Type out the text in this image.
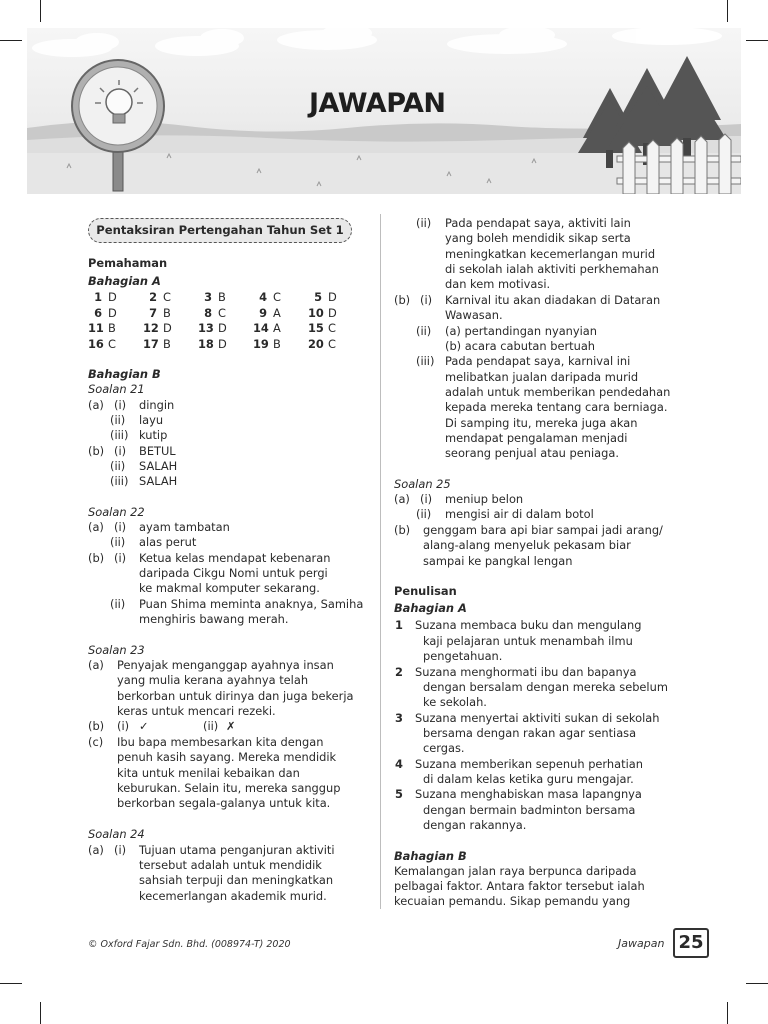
JAWAPAN
Pentaksiran Pertengahan Tahun Set 1
Pemahaman
Bahagian A
1 D	2 C	3 B	4 C	5 D
6 D	7 B	8 C	9 A 10 D
11 B 12 D 13 D 14 A 15 C
16 C 17 B 18 D 19 B 20 C
Bahagian B
Soalan 21
(a) (i) dingin
(ii) layu
(iii) kutip
(b) (i) BETUL
(ii) SALAH
(iii) SALAH
Soalan 22
(a) (i) ayam tambatan
(ii) alas perut
(b) (i) Ketua kelas mendapat kebenaran
daripada Cikgu Nomi untuk pergi
ke makmal komputer sekarang.
(ii) Puan Shima meminta anaknya, Samiha
menghiris bawang merah.
Soalan 23
(a) Penyajak menganggap ayahnya insan
yang mulia kerana ayahnya telah
berkorban untuk dirinya dan juga bekerja
keras untuk mencari rezeki.
Ibu bapa membesarkan kita dengan
penuh kasih sayang. Mereka mendidik
kita untuk menilai kebaikan dan
keburukan. Selain itu, mereka sanggup
berkorban segala-galanya untuk kita.
Soalan 24
(a) (i) Tujuan utama penganjuran aktiviti
tersebut adalah untuk mendidik
sahsiah terpuji dan meningkatkan
kecemerlangan akademik murid.
(b) (i) ✓	(ii) ✗
(c)
(ii) Pada pendapat saya, aktiviti lain
yang boleh mendidik sikap serta
meningkatkan kecemerlangan murid
di sekolah ialah aktiviti perkhemahan
dan kem motivasi.
(b) (i) Karnival itu akan diadakan di Dataran
Wawasan.
(ii) (a) pertandingan nyanyian
(b) acara cabutan bertuah
(iii) Pada pendapat saya, karnival ini
melibatkan jualan daripada murid
adalah untuk memberikan pendedahan
kepada mereka tentang cara berniaga.
Di samping itu, mereka juga akan
mendapat pengalaman menjadi
seorang penjual atau peniaga.
Soalan 25
(a) (i) meniup belon
(ii) mengisi air di dalam botol
(b) genggam bara api biar sampai jadi arang/
alang-alang menyeluk pekasam biar
sampai ke pangkal lengan
Penulisan
Bahagian A
1 Suzana membaca buku dan mengulang
kaji pelajaran untuk menambah ilmu
pengetahuan.
2 Suzana menghormati ibu dan bapanya
dengan bersalam dengan mereka sebelum
ke sekolah.
3 Suzana menyertai aktiviti sukan di sekolah
bersama dengan rakan agar sentiasa
cergas.
4 Suzana memberikan sepenuh perhatian
di dalam kelas ketika guru mengajar.
5 Suzana menghabiskan masa lapangnya
dengan bermain badminton bersama
dengan rakannya.
Bahagian B
Kemalangan jalan raya berpunca daripada
pelbagai faktor. Antara faktor tersebut ialah
kecuaian pemandu. Sikap pemandu yang
© Oxford Fajar Sdn. Bhd. (008974-T) 2020	Jawapan 25
